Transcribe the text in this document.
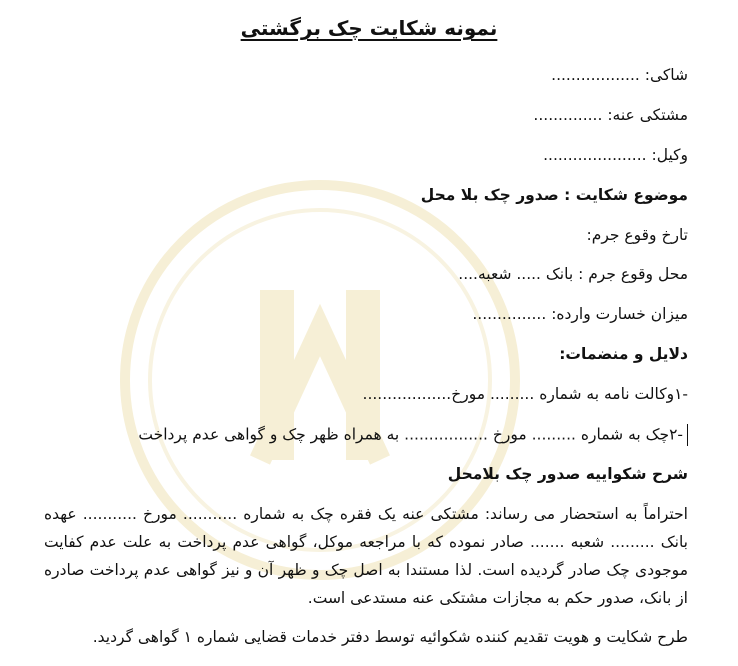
نمونه شکایت چک برگشتی
شاکی: ..................
مشتکی عنه: ..............
وکیل: .....................
موضوع شکایت : صدور چک بلا محل
تارخ وقوع جرم:
محل وقوع جرم : بانک ..... شعبه....
میزان خسارت وارده: ...............
دلایل و منضمات:
-۱وکالت نامه به شماره ......... مورخ..................
-۲چک به شماره ......... مورخ ................. به همراه ظهر چک و گواهی عدم پرداخت
شرح شکواییه صدور چک بلامحل
احتراماً به استحضار می رساند: مشتکی عنه یک فقره چک به شماره ........... مورخ ........... عهده بانک ......... شعبه ....... صادر نموده که با مراجعه موکل، گواهی عدم پرداخت به علت عدم کفایت موجودی چک صادر گردیده است. لذا مستندا به اصل چک و ظهر آن و نیز گواهی عدم پرداخت صادره از بانک، صدور حکم به مجازات مشتکی عنه مستدعی است.
طرح شکایت و هویت تقدیم کننده شکوائیه توسط دفتر خدمات قضایی شماره ۱ گواهی گردید.
